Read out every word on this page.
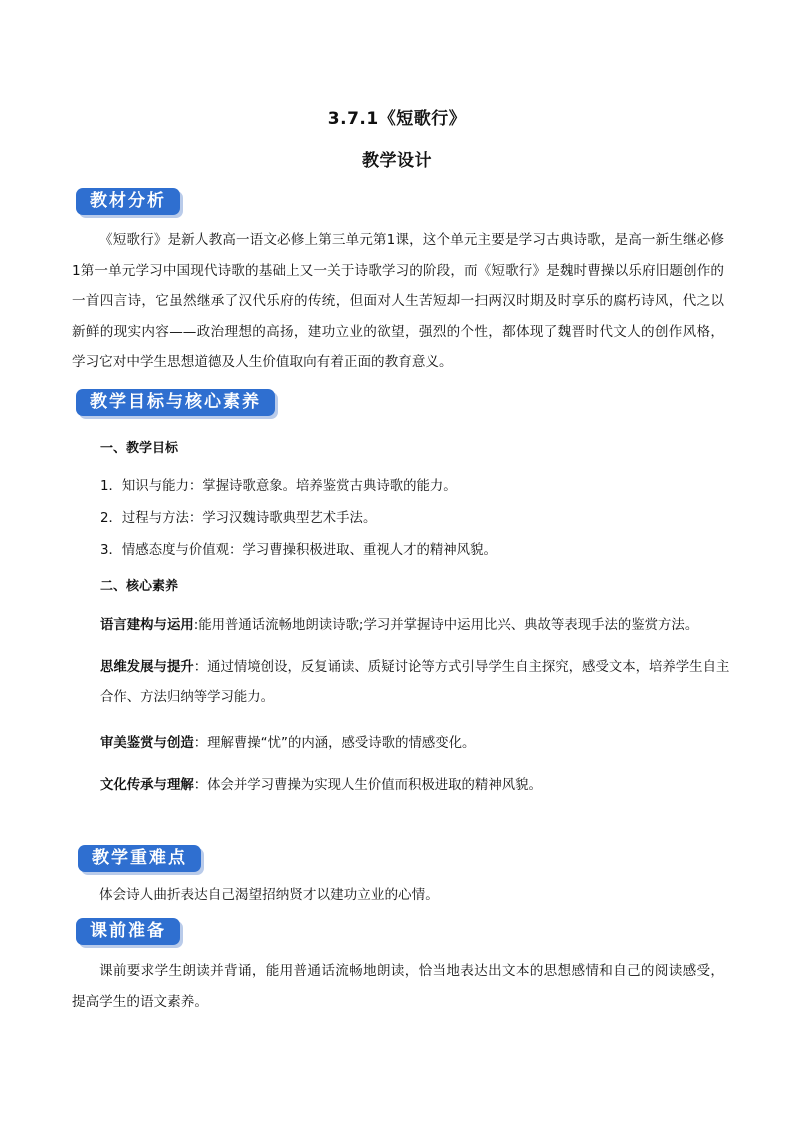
3.7.1《短歌行》
教学设计
教材分析
《短歌行》是新人教高一语文必修上第三单元第1课，这个单元主要是学习古典诗歌，是高一新生继必修1第一单元学习中国现代诗歌的基础上又一关于诗歌学习的阶段，而《短歌行》是魏时曹操以乐府旧题创作的一首四言诗，它虽然继承了汉代乐府的传统，但面对人生苦短却一扫两汉时期及时享乐的腐朽诗风，代之以新鲜的现实内容——政治理想的高扬，建功立业的欲望，强烈的个性，都体现了魏晋时代文人的创作风格，学习它对中学生思想道德及人生价值取向有着正面的教育意义。
教学目标与核心素养
一、教学目标
1．知识与能力：掌握诗歌意象。培养鉴赏古典诗歌的能力。
2．过程与方法：学习汉魏诗歌典型艺术手法。
3．情感态度与价值观：学习曹操积极进取、重视人才的精神风貌。
二、核心素养
语言建构与运用:能用普通话流畅地朗读诗歌;学习并掌握诗中运用比兴、典故等表现手法的鉴赏方法。
思维发展与提升：通过情境创设，反复诵读、质疑讨论等方式引导学生自主探究，感受文本，培养学生自主合作、方法归纳等学习能力。
审美鉴赏与创造：理解曹操“忧”的内涵，感受诗歌的情感变化。
文化传承与理解：体会并学习曹操为实现人生价值而积极进取的精神风貌。
教学重难点
体会诗人曲折表达自己渴望招纳贤才以建功立业的心情。
课前准备
课前要求学生朗读并背诵，能用普通话流畅地朗读，恰当地表达出文本的思想感情和自己的阅读感受，提高学生的语文素养。
